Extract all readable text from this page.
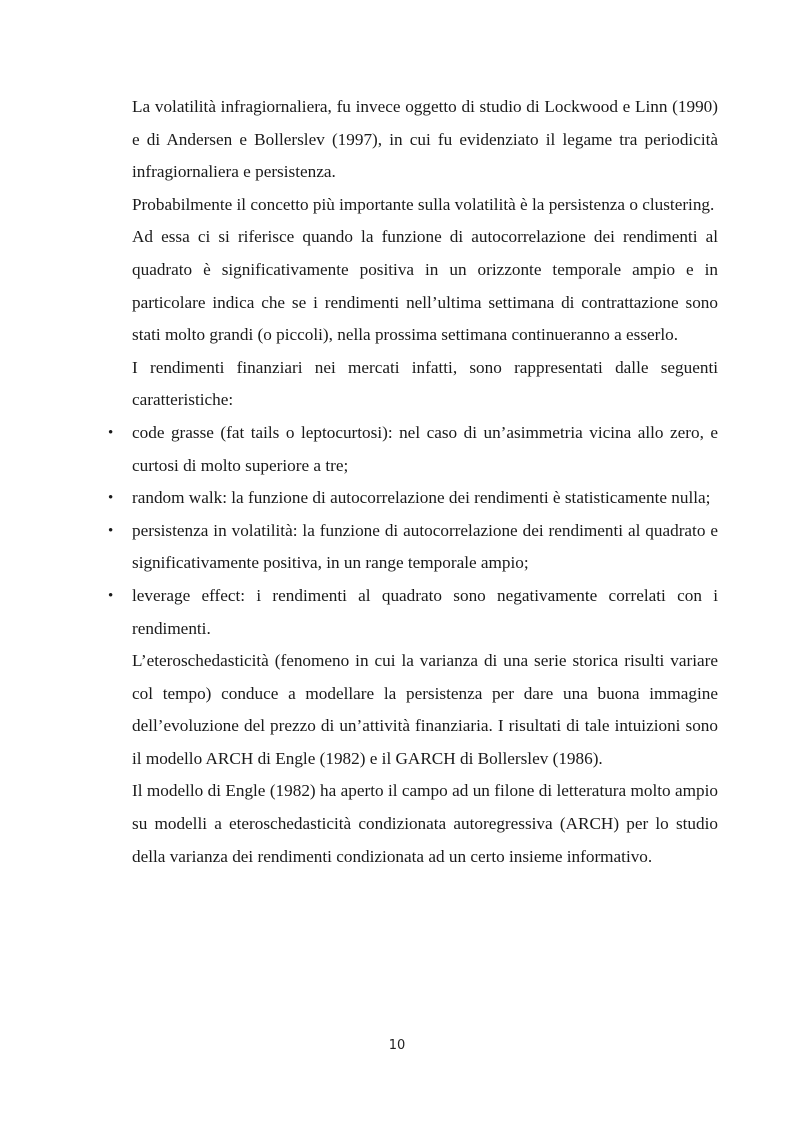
La volatilità infragiornaliera, fu invece oggetto di studio di Lockwood e Linn (1990) e di Andersen e Bollerslev (1997), in cui fu evidenziato il legame tra periodicità infragiornaliera e persistenza.

Probabilmente il concetto più importante sulla volatilità è la persistenza o clustering.

Ad essa ci si riferisce quando la funzione di autocorrelazione dei rendimenti al quadrato è significativamente positiva in un orizzonte temporale ampio e in particolare indica che se i rendimenti nell’ultima settimana di contrattazione sono stati molto grandi (o piccoli), nella prossima settimana continueranno a esserlo.

I rendimenti finanziari nei mercati infatti, sono rappresentati dalle seguenti caratteristiche:

• code grasse (fat tails o leptocurtosi): nel caso di un’asimmetria vicina allo zero, e curtosi di molto superiore a tre;
• random walk: la funzione di autocorrelazione dei rendimenti è statisticamente nulla;
• persistenza in volatilità: la funzione di autocorrelazione dei rendimenti al quadrato e significativamente positiva, in un range temporale ampio;
• leverage effect: i rendimenti al quadrato sono negativamente correlati con i rendimenti.

L’eteroschedasticità (fenomeno in cui la varianza di una serie storica risulti variare col tempo) conduce a modellare la persistenza per dare una buona immagine dell’evoluzione del prezzo di un’attività finanziaria. I risultati di tale intuizioni sono il modello ARCH di Engle (1982) e il GARCH di Bollerslev (1986).

Il modello di Engle (1982) ha aperto il campo ad un filone di letteratura molto ampio su modelli a eteroschedasticità condizionata autoregressiva (ARCH) per lo studio della varianza dei rendimenti condizionata ad un certo insieme informativo.

10
